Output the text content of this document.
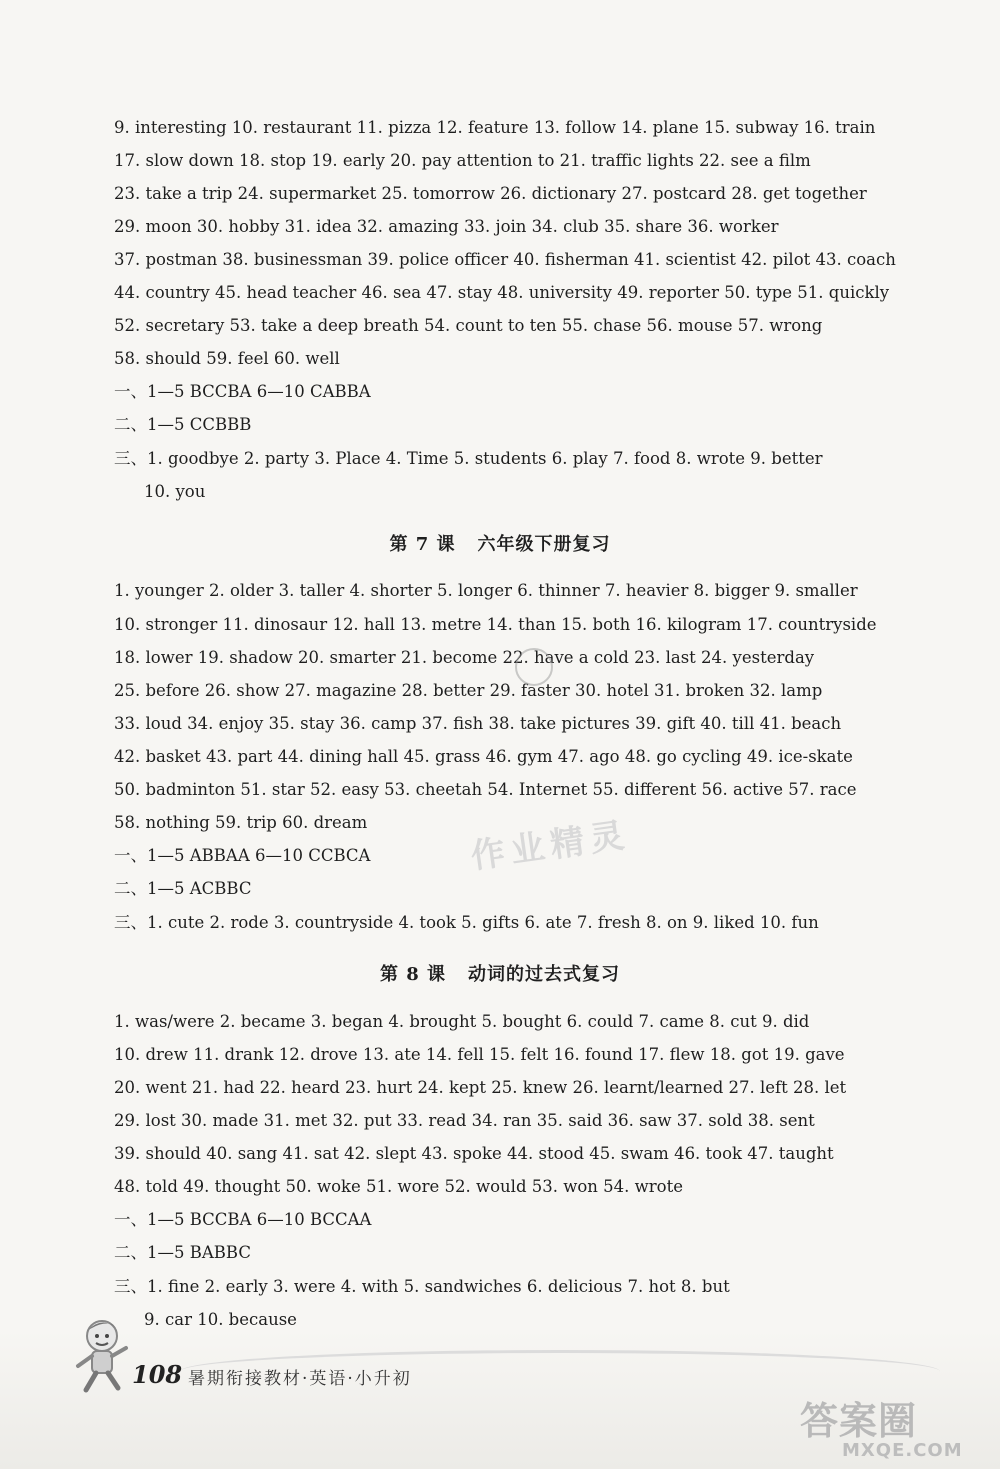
9. interesting 10. restaurant 11. pizza 12. feature 13. follow 14. plane 15. subway 16. train
17. slow down 18. stop 19. early 20. pay attention to 21. traffic lights 22. see a film
23. take a trip 24. supermarket 25. tomorrow 26. dictionary 27. postcard 28. get together
29. moon 30. hobby 31. idea 32. amazing 33. join 34. club 35. share 36. worker
37. postman 38. businessman 39. police officer 40. fisherman 41. scientist 42. pilot 43. coach
44. country 45. head teacher 46. sea 47. stay 48. university 49. reporter 50. type 51. quickly
52. secretary 53. take a deep breath 54. count to ten 55. chase 56. mouse 57. wrong
58. should 59. feel 60. well
一、1—5 BCCBA 6—10 CABBA
二、1—5 CCBBB
三、1. goodbye 2. party 3. Place 4. Time 5. students 6. play 7. food 8. wrote 9. better
10. you
第 7 课 六年级下册复习
1. younger 2. older 3. taller 4. shorter 5. longer 6. thinner 7. heavier 8. bigger 9. smaller
10. stronger 11. dinosaur 12. hall 13. metre 14. than 15. both 16. kilogram 17. countryside
18. lower 19. shadow 20. smarter 21. become 22. have a cold 23. last 24. yesterday
25. before 26. show 27. magazine 28. better 29. faster 30. hotel 31. broken 32. lamp
33. loud 34. enjoy 35. stay 36. camp 37. fish 38. take pictures 39. gift 40. till 41. beach
42. basket 43. part 44. dining hall 45. grass 46. gym 47. ago 48. go cycling 49. ice-skate
50. badminton 51. star 52. easy 53. cheetah 54. Internet 55. different 56. active 57. race
58. nothing 59. trip 60. dream
一、1—5 ABBAA 6—10 CCBCA
二、1—5 ACBBC
三、1. cute 2. rode 3. countryside 4. took 5. gifts 6. ate 7. fresh 8. on 9. liked 10. fun
第 8 课 动词的过去式复习
1. was/were 2. became 3. began 4. brought 5. bought 6. could 7. came 8. cut 9. did
10. drew 11. drank 12. drove 13. ate 14. fell 15. felt 16. found 17. flew 18. got 19. gave
20. went 21. had 22. heard 23. hurt 24. kept 25. knew 26. learnt/learned 27. left 28. let
29. lost 30. made 31. met 32. put 33. read 34. ran 35. said 36. saw 37. sold 38. sent
39. should 40. sang 41. sat 42. slept 43. spoke 44. stood 45. swam 46. took 47. taught
48. told 49. thought 50. woke 51. wore 52. would 53. won 54. wrote
一、1—5 BCCBA 6—10 BCCAA
二、1—5 BABBC
三、1. fine 2. early 3. were 4. with 5. sandwiches 6. delicious 7. hot 8. but
9. car 10. because
作业精灵
108 暑期衔接教材·英语·小升初
答案圈
MXQE.COM
